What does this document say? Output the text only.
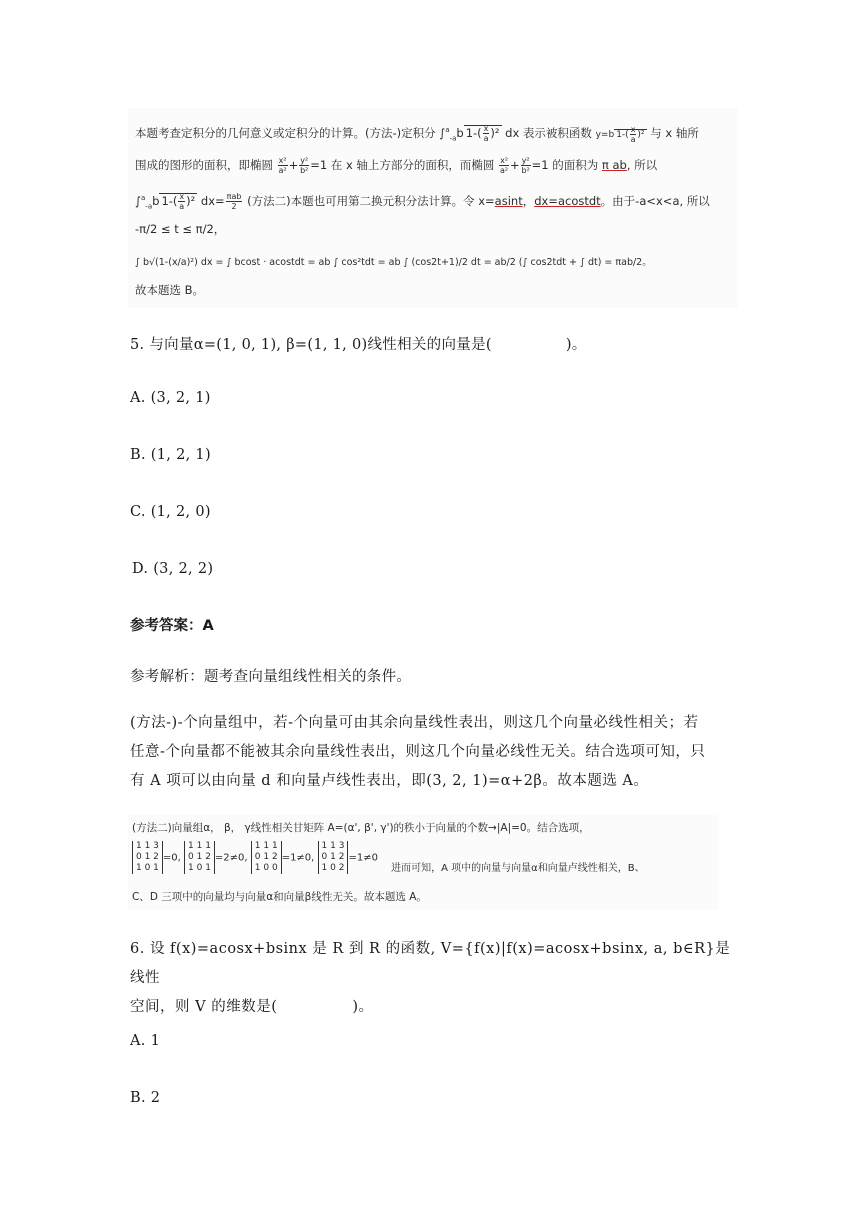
本题考查定积分的几何意义或定积分的计算。(方法-)定积分 ∫$^a_{-a}$b $1-( \frac{x}{a} )^2$ dx 表示被积函数 y=b $1-( \frac{x}{a} )^2$ 与 x 轴所
围成的图形的面积，即椭圆 $\frac{\text{x²}}{\text{a²}} + \frac{\text{y²}}{\text{b²}} =1$ 在 x 轴上方部分的面积，而椭圆 $\frac{\text{x²}}{\text{a²}} + \frac{\text{y²}}{\text{b²}} =1$ 的面积为 π ab, 所以
∫$^a_{-a}$b $1-( \frac{x}{a} )^2$ $dx= \frac{\text{πab}}{2}$ (方法二)本题也可用第二换元积分法计算。令 x=asint，dx=acostdt。由于-a<x<a, 所以
-π/2 ≤ t ≤ π/2，
∫ b√(1-(x/a)²) dx = ∫ bcost · acostdt = ab ∫ cos²tdt = ab ∫ (cos2t+1)/2 dt = ab/2 (∫ cos2tdt + ∫ dt) = πab/2。
故本题选 B。
5. 与向量α=(1, 0, 1), β=(1, 1, 0)线性相关的向量是(　　　　　)。
A. (3, 2, 1)
B. (1, 2, 1)
C. (1, 2, 0)
D. (3, 2, 2)
参考答案：A
参考解析：题考查向量组线性相关的条件。
(方法-)-个向量组中，若-个向量可由其余向量线性表出，则这几个向量必线性相关；若
任意-个向量都不能被其余向量线性表出，则这几个向量必线性无关。结合选项可知，只
有 A 项可以由向量 d 和向量卢线性表出，即(3, 2, 1)=α+2β。故本题选 A。
(方法二)向量组α， β， γ线性相关甘矩阵 A=(α', β', γ')的秩小于向量的个数→|A|=0。结合选项，
1 1 3
0 1 2
1 0 1
=0,
1 1 1
0 1 2
1 0 1
=2≠0,
1 1 1
0 1 2
1 0 0
=1≠0,
1 1 3
0 1 2
1 0 2
=1≠0 进而可知，A 项中的向量与向量α和向量卢线性相关，B、
C、D 三项中的向量均与向量α和向量β线性无关。故本题选 A。
6. 设 f(x)=acosx+bsinx 是 R 到 R 的函数, V={f(x)|f(x)=acosx+bsinx, a, b∈R}是线性
空间，则 V 的维数是(　　　　　)。
A. 1
B. 2
